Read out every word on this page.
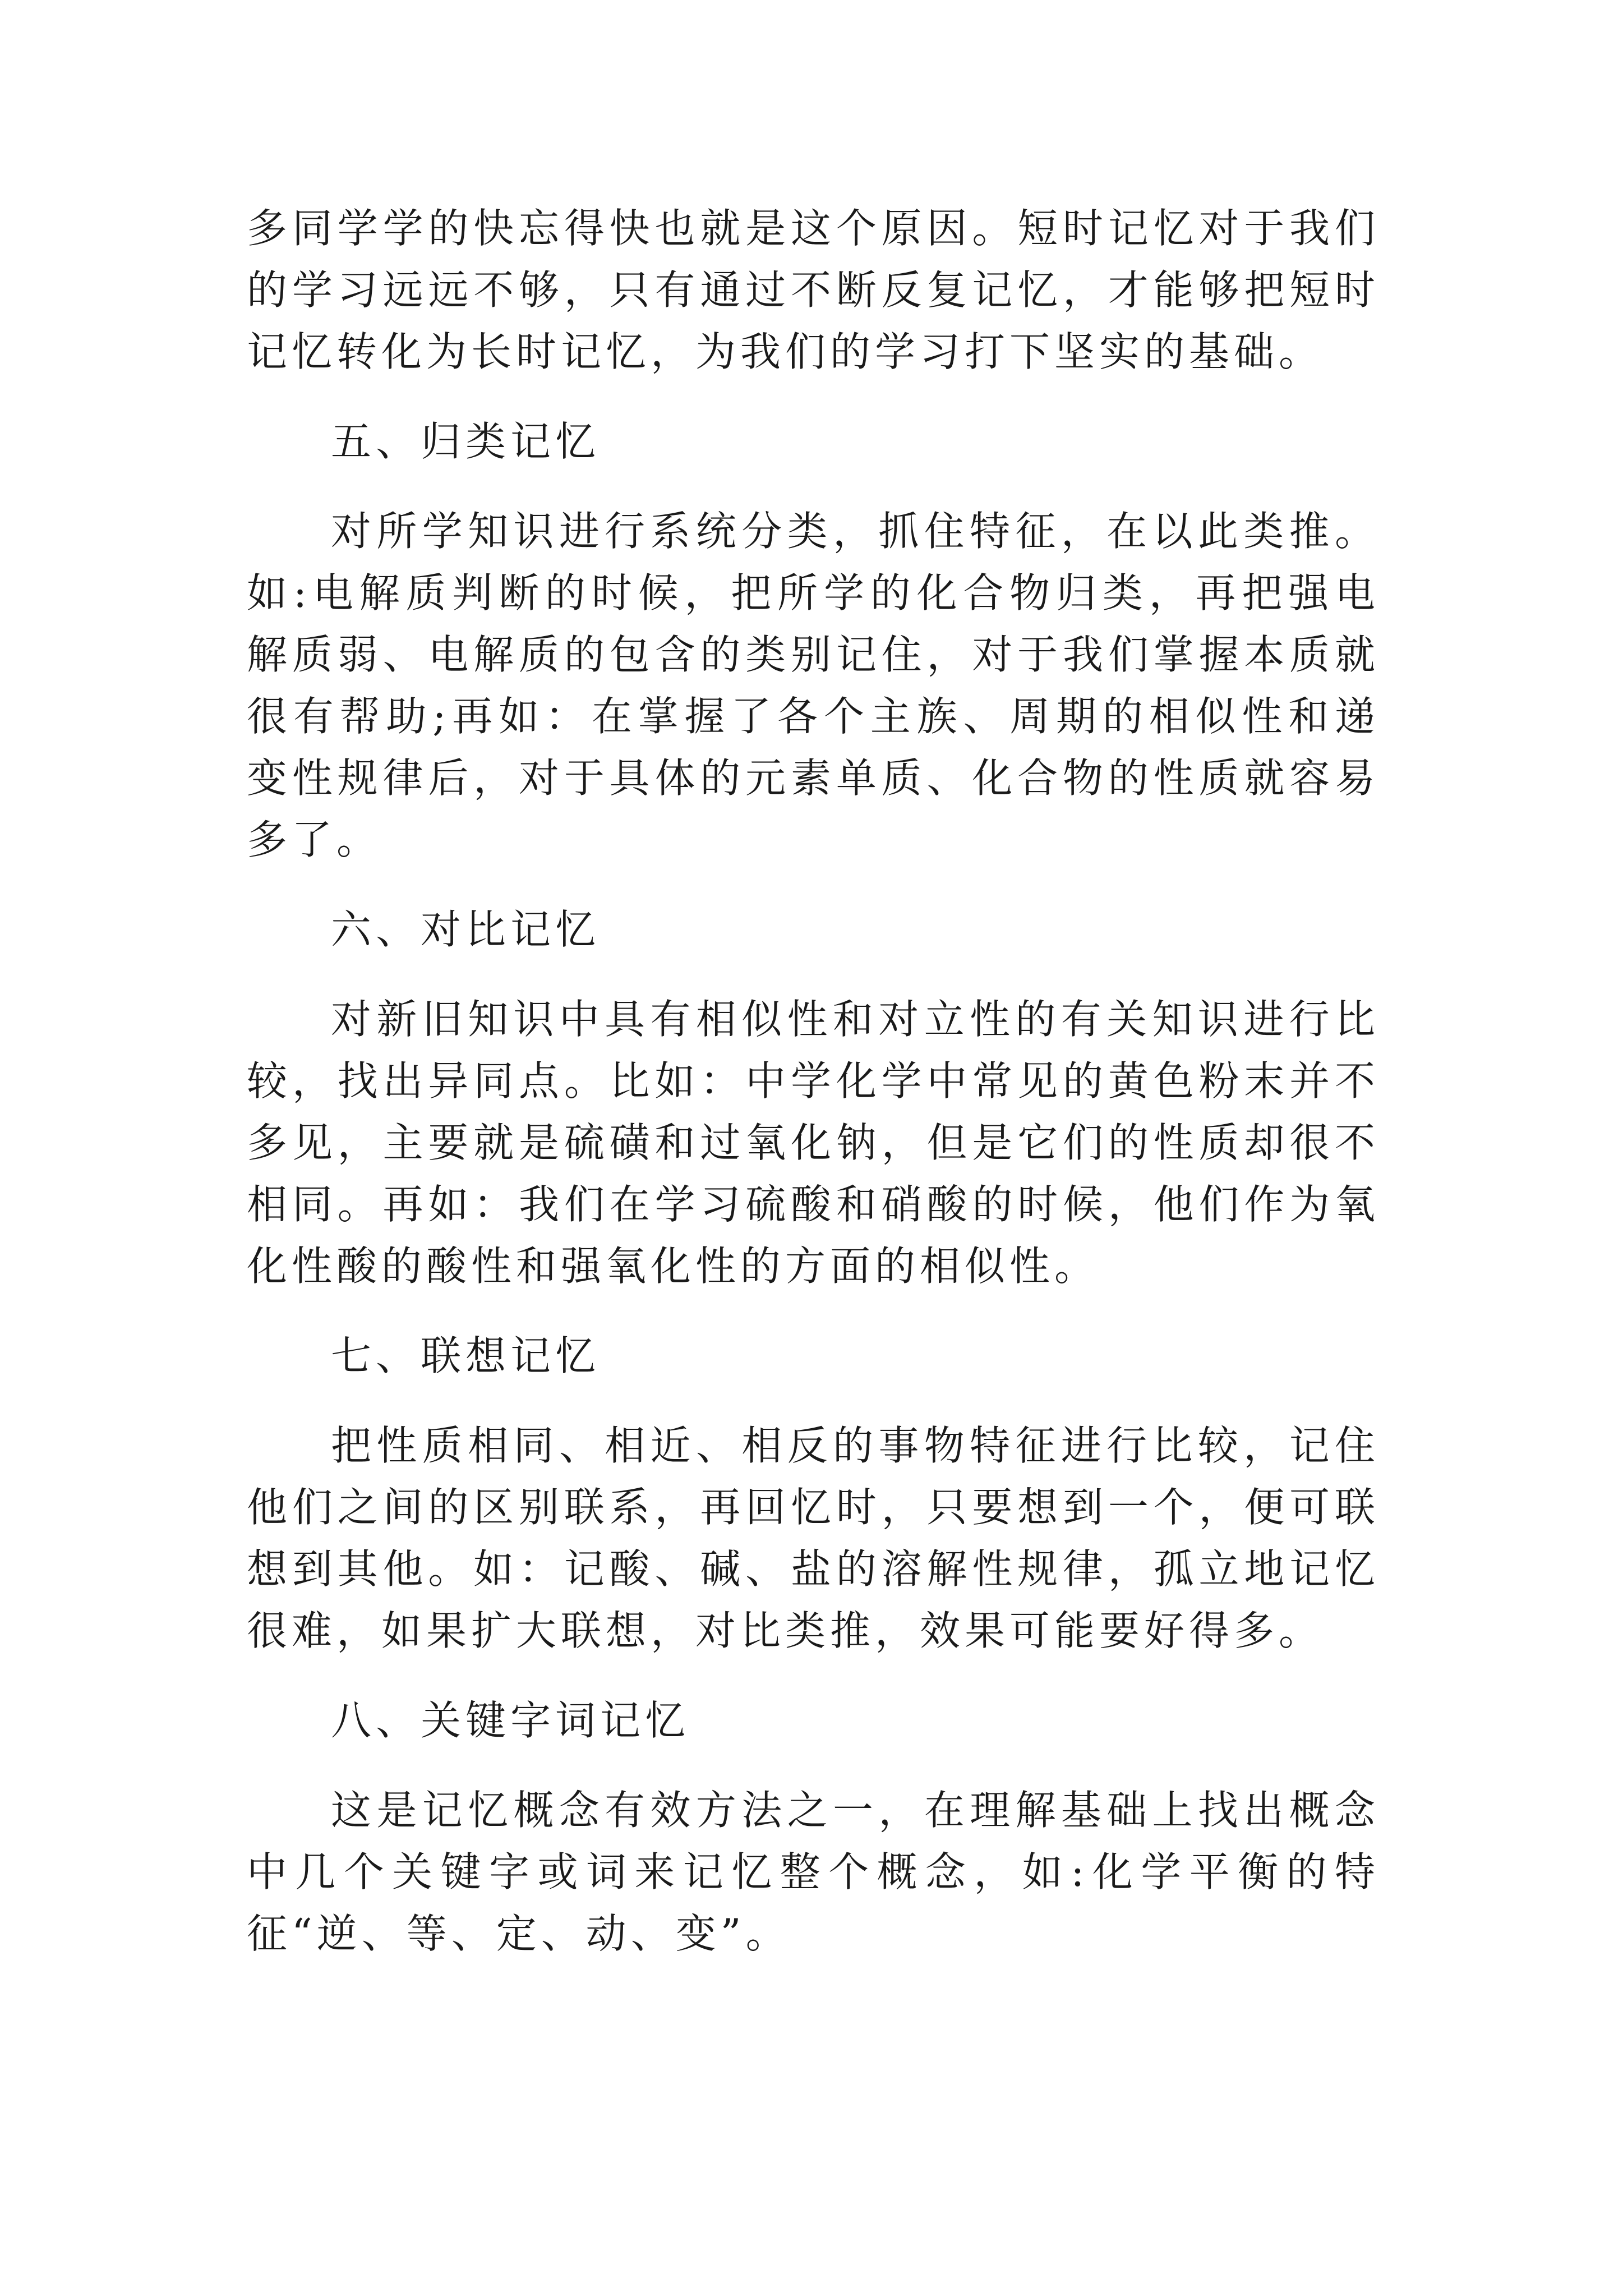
多同学学的快忘得快也就是这个原因。短时记忆对于我们的学习远远不够，只有通过不断反复记忆，才能够把短时记忆转化为长时记忆，为我们的学习打下坚实的基础。

五、归类记忆

对所学知识进行系统分类，抓住特征，在以此类推。如:电解质判断的时候，把所学的化合物归类，再把强电解质弱、电解质的包含的类别记住，对于我们掌握本质就很有帮助;再如：在掌握了各个主族、周期的相似性和递变性规律后，对于具体的元素单质、化合物的性质就容易多了。

六、对比记忆

对新旧知识中具有相似性和对立性的有关知识进行比较，找出异同点。比如：中学化学中常见的黄色粉末并不多见，主要就是硫磺和过氧化钠，但是它们的性质却很不相同。再如：我们在学习硫酸和硝酸的时候，他们作为氧化性酸的酸性和强氧化性的方面的相似性。

七、联想记忆

把性质相同、相近、相反的事物特征进行比较，记住他们之间的区别联系，再回忆时，只要想到一个，便可联想到其他。如：记酸、碱、盐的溶解性规律，孤立地记忆很难，如果扩大联想，对比类推，效果可能要好得多。

八、关键字词记忆

这是记忆概念有效方法之一，在理解基础上找出概念中几个关键字或词来记忆整个概念，如:化学平衡的特征“逆、等、定、动、变”。
